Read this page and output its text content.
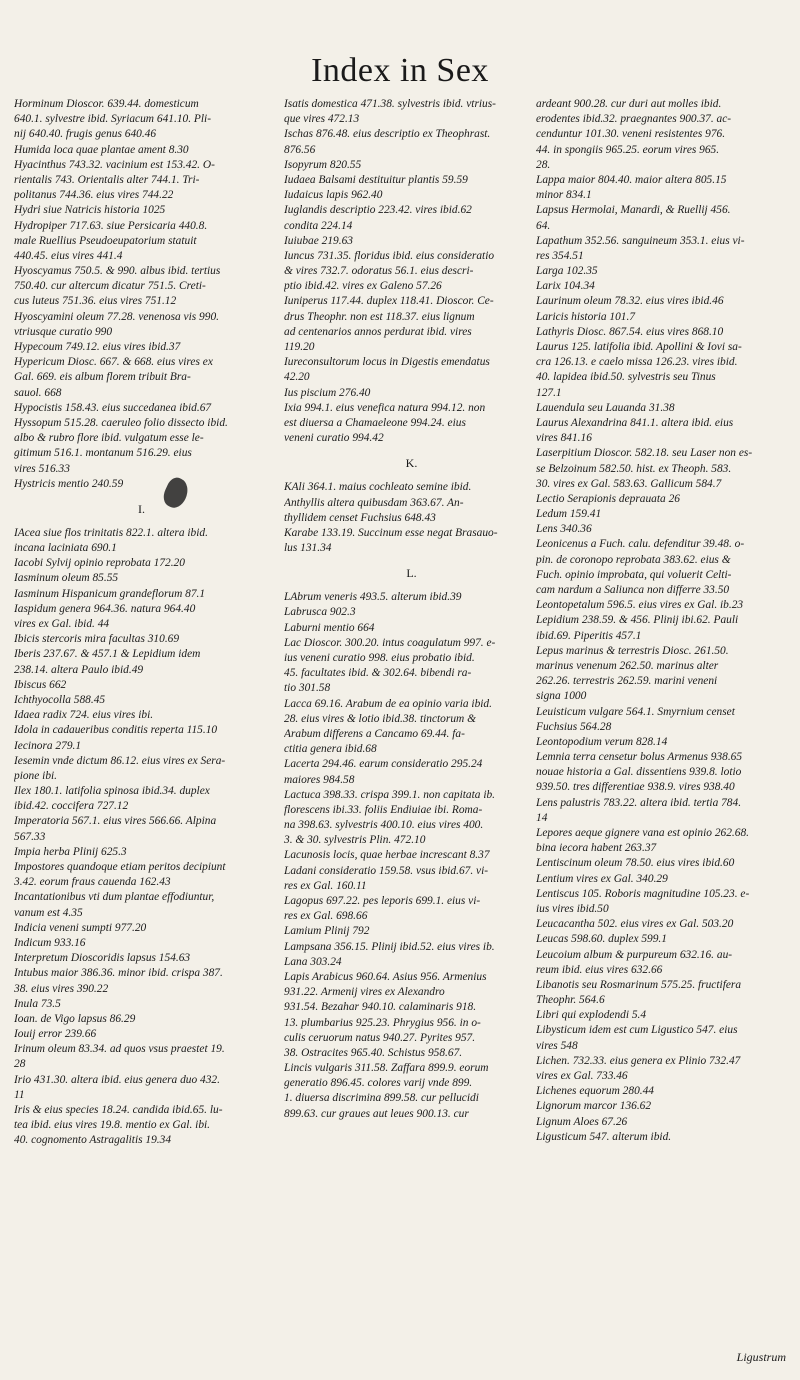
Index in Sex
Horminum Dioscor. 639.44. domesticum
640.1. sylvestre ibid. Syriacum 641.10. Pli-
nij 640.40. frugis genus 640.46
Humida loca quae plantae ament 8.30
Hyacinthus 743.32. vacinium est 153.42. O-
rientalis 743. Orientalis alter 744.1. Tri-
politanus 744.36. eius vires 744.22
Hydri siue Natricis historia 1025
Hydropiper 717.63. siue Persicaria 440.8.
male Ruellius Pseudoeupatorium statuit
440.45. eius vires 441.4
Hyoscyamus 750.5. & 990. albus ibid. tertius
750.40. cur altercum dicatur 751.5. Creti-
cus luteus 751.36. eius vires 751.12
Hyoscyamini oleum 77.28. venenosa vis 990.
vtriusque curatio 990
Hypecoum 749.12. eius vires ibid.37
Hypericum Diosc. 667. & 668. eius vires ex
Gal. 669. eis album florem tribuit Bra-
sauol. 668
Hypocistis 158.43. eius succedanea ibid.67
Hyssopum 515.28. caeruleo folio dissecto ibid.
albo & rubro flore ibid. vulgatum esse le-
gitimum 516.1. montanum 516.29. eius
vires 516.33
Hystricis mentio 240.59
I.
IAcea siue flos trinitatis 822.1. altera ibid.
incana laciniata 690.1
Iacobi Sylvij opinio reprobata 172.20
Iasminum oleum 85.55
Iasminum Hispanicum grandeflorum 87.1
Iaspidum genera 964.36. natura 964.40
vires ex Gal. ibid. 44
Ibicis stercoris mira facultas 310.69
Iberis 237.67. & 457.1 & Lepidium idem
238.14. altera Paulo ibid.49
Ibiscus 662
Ichthyocolla 588.45
Idaea radix 724. eius vires ibi.
Idola in cadaueribus conditis reperta 115.10
Iecinora 279.1
Iesemin vnde dictum 86.12. eius vires ex Sera-
pione ibi.
Ilex 180.1. latifolia spinosa ibid.34. duplex
ibid.42. coccifera 727.12
Imperatoria 567.1. eius vires 566.66. Alpina
567.33
Impia herba Plinij 625.3
Impostores quandoque etiam peritos decipiunt
3.42. eorum fraus cauenda 162.43
Incantationibus vti dum plantae effodiuntur,
vanum est 4.35
Indicia veneni sumpti 977.20
Indicum 933.16
Interpretum Dioscoridis lapsus 154.63
Intubus maior 386.36. minor ibid. crispa 387.
38. eius vires 390.22
Inula 73.5
Ioan. de Vigo lapsus 86.29
Iouij error 239.66
Irinum oleum 83.34. ad quos vsus praestet 19.
28
Irio 431.30. altera ibid. eius genera duo 432.
11
Iris & eius species 18.24. candida ibid.65. lu-
tea ibid. eius vires 19.8. mentio ex Gal. ibi.
40. cognomento Astragalitis 19.34
Isatis domestica 471.38. sylvestris ibid. vtrius-
que vires 472.13
Ischas 876.48. eius descriptio ex Theophrast.
876.56
Isopyrum 820.55
Iudaea Balsami destituitur plantis 59.59
Iudaicus lapis 962.40
Iuglandis descriptio 223.42. vires ibid.62
condita 224.14
Iuiubae 219.63
Iuncus 731.35. floridus ibid. eius consideratio
& vires 732.7. odoratus 56.1. eius descri-
ptio ibid.42. vires ex Galeno 57.26
Iuniperus 117.44. duplex 118.41. Dioscor. Ce-
drus Theophr. non est 118.37. eius lignum
ad centenarios annos perdurat ibid. vires
119.20
Iureconsultorum locus in Digestis emendatus
42.20
Ius piscium 276.40
Ixia 994.1. eius venefica natura 994.12. non
est diuersa a Chamaeleone 994.24. eius
veneni curatio 994.42
K.
KAli 364.1. maius cochleato semine ibid.
Anthyllis altera quibusdam 363.67. An-
thyllidem censet Fuchsius 648.43
Karabe 133.19. Succinum esse negat Brasauo-
lus 131.34
L.
LAbrum veneris 493.5. alterum ibid.39
Labrusca 902.3
Laburni mentio 664
Lac Dioscor. 300.20. intus coagulatum 997. e-
ius veneni curatio 998. eius probatio ibid.
45. facultates ibid. & 302.64. bibendi ra-
tio 301.58
Lacca 69.16. Arabum de ea opinio varia ibid.
28. eius vires & lotio ibid.38. tinctorum &
Arabum differens a Cancamo 69.44. fa-
ctitia genera ibid.68
Lacerta 294.46. earum consideratio 295.24
maiores 984.58
Lactuca 398.33. crispa 399.1. non capitata ib.
florescens ibi.33. foliis Endiuiae ibi. Roma-
na 398.63. sylvestris 400.10. eius vires 400.
3. & 30. sylvestris Plin. 472.10
Lacunosis locis, quae herbae increscant 8.37
Ladani consideratio 159.58. vsus ibid.67. vi-
res ex Gal. 160.11
Lagopus 697.22. pes leporis 699.1. eius vi-
res ex Gal. 698.66
Lamium Plinij 792
Lampsana 356.15. Plinij ibid.52. eius vires ib.
Lana 303.24
Lapis Arabicus 960.64. Asius 956. Armenius
931.22. Armenij vires ex Alexandro
931.54. Bezahar 940.10. calaminaris 918.
13. plumbarius 925.23. Phrygius 956. in o-
culis ceruorum natus 940.27. Pyrites 957.
38. Ostracites 965.40. Schistus 958.67.
Lincis vulgaris 311.58. Zaffara 899.9. eorum
generatio 896.45. colores varij vnde 899.
1. diuersa discrimina 899.58. cur pellucidi
899.63. cur graues aut leues 900.13. cur
ardeant 900.28. cur duri aut molles ibid.
erodentes ibid.32. praegnantes 900.37. ac-
cenduntur 101.30. veneni resistentes 976.
44. in spongiis 965.25. eorum vires 965.
28.
Lappa maior 804.40. maior altera 805.15
minor 834.1
Lapsus Hermolai, Manardi, & Ruellij 456.
64.
Lapathum 352.56. sanguineum 353.1. eius vi-
res 354.51
Larga 102.35
Larix 104.34
Laurinum oleum 78.32. eius vires ibid.46
Laricis historia 101.7
Lathyris Diosc. 867.54. eius vires 868.10
Laurus 125. latifolia ibid. Apollini & Iovi sa-
cra 126.13. e caelo missa 126.23. vires ibid.
40. lapidea ibid.50. sylvestris seu Tinus
127.1
Lauendula seu Lauanda 31.38
Laurus Alexandrina 841.1. altera ibid. eius
vires 841.16
Laserpitium Dioscor. 582.18. seu Laser non es-
se Belzoinum 582.50. hist. ex Theoph. 583.
30. vires ex Gal. 583.63. Gallicum 584.7
Lectio Serapionis deprauata 26
Ledum 159.41
Lens 340.36
Leonicenus a Fuch. calu. defenditur 39.48. o-
pin. de coronopo reprobata 383.62. eius &
Fuch. opinio improbata, qui voluerit Celti-
cam nardum a Saliunca non differre 33.50
Leontopetalum 596.5. eius vires ex Gal. ib.23
Lepidium 238.59. & 456. Plinij ibi.62. Pauli
ibid.69. Piperitis 457.1
Lepus marinus & terrestris Diosc. 261.50.
marinus venenum 262.50. marinus alter
262.26. terrestris 262.59. marini veneni
signa 1000
Leuisticum vulgare 564.1. Smyrnium censet
Fuchsius 564.28
Leontopodium verum 828.14
Lemnia terra censetur bolus Armenus 938.65
nouae historia a Gal. dissentiens 939.8. lotio
939.50. tres differentiae 938.9. vires 938.40
Lens palustris 783.22. altera ibid. tertia 784.
14
Lepores aeque gignere vana est opinio 262.68.
bina iecora habent 263.37
Lentiscinum oleum 78.50. eius vires ibid.60
Lentium vires ex Gal. 340.29
Lentiscus 105. Roboris magnitudine 105.23. e-
ius vires ibid.50
Leucacantha 502. eius vires ex Gal. 503.20
Leucas 598.60. duplex 599.1
Leucoium album & purpureum 632.16. au-
reum ibid. eius vires 632.66
Libanotis seu Rosmarinum 575.25. fructifera
Theophr. 564.6
Libri qui explodendi 5.4
Libysticum idem est cum Ligustico 547. eius
vires 548
Lichen. 732.33. eius genera ex Plinio 732.47
vires ex Gal. 733.46
Lichenes equorum 280.44
Lignorum marcor 136.62
Lignum Aloes 67.26
Ligusticum 547. alterum ibid.
Ligustrum
